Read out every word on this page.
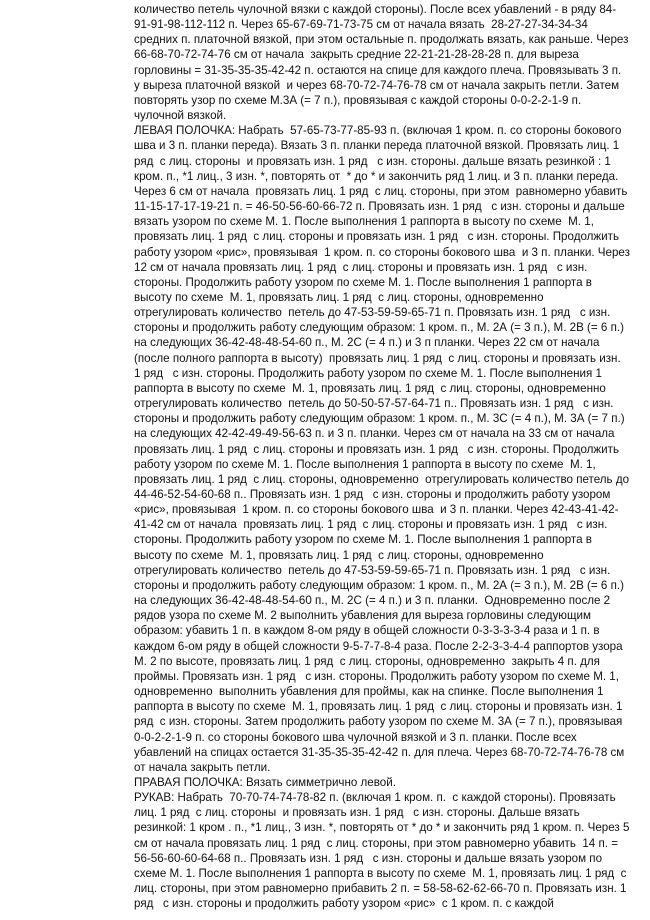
количество петель чулочной вязки с каждой стороны). После всех убавлений - в ряду 84-91-91-98-112-112 п. Через 65-67-69-71-73-75 см от начала вязать  28-27-27-34-34-34 средних п. платочной вязкой, при этом остальные п. продолжать вязать, как раньше. Через 66-68-70-72-74-76 см от начала  закрыть средние 22-21-21-28-28-28 п. для выреза горловины = 31-35-35-35-42-42 п. остаются на спице для каждого плеча. Провязывать 3 п. у выреза платочной вязкой  и через 68-70-72-74-76-78 см от начала закрыть петли. Затем повторять узор по схеме М.3А (= 7 п.), провязывая с каждой стороны 0-0-2-2-1-9 п. чулочной вязкой.

ЛЕВАЯ ПОЛОЧКА: Набрать  57-65-73-77-85-93 п. (включая 1 кром. п. со стороны бокового шва и 3 п. планки переда). Вязать 3 п. планки переда платочной вязкой. Провязать лиц. 1 ряд  с лиц. стороны  и провязать изн. 1 ряд   с изн. стороны. дальше вязать резинкой : 1 кром. п., *1 лиц., 3 изн. *, повторять от  * до * и закончить ряд 1 лиц. и 3 п. планки переда. Через 6 см от начала  провязать лиц. 1 ряд  с лиц. стороны, при этом  равномерно убавить  11-15-17-17-19-21 п. = 46-50-56-60-66-72 п. Провязать изн. 1 ряд   с изн. стороны и дальше вязать узором по схеме М. 1. После выполнения 1 раппорта в высоту по схеме  М. 1, провязать лиц. 1 ряд  с лиц. стороны и провязать изн. 1 ряд   с изн. стороны. Продолжить работу узором «рис», провязывая  1 кром. п. со стороны бокового шва  и 3 п. планки. Через 12 см от начала провязать лиц. 1 ряд  с лиц. стороны и провязать изн. 1 ряд   с изн. стороны. Продолжить работу узором по схеме М. 1. После выполнения 1 раппорта в высоту по схеме  М. 1, провязать лиц. 1 ряд  с лиц. стороны, одновременно  отрегулировать количество  петель до 47-53-59-59-65-71 п. Провязать изн. 1 ряд   с изн. стороны и продолжить работу следующим образом: 1 кром. п., М. 2А (= 3 п.), М. 2В (= 6 п.)  на следующих 36-42-48-48-54-60 п., М. 2С (= 4 п.) и 3 п планки. Через 22 см от начала  (после полного раппорта в высоту)  провязать лиц. 1 ряд  с лиц. стороны и провязать изн. 1 ряд   с изн. стороны. Продолжить работу узором по схеме М. 1. После выполнения 1 раппорта в высоту по схеме  М. 1, провязать лиц. 1 ряд  с лиц. стороны, одновременно  отрегулировать количество  петель до 50-50-57-57-64-71 п.. Провязать изн. 1 ряд   с изн. стороны и продолжить работу следующим образом: 1 кром. п., М. 3С (= 4 п.), М. 3А (= 7 п.)  на следующих 42-42-49-49-56-63 п. и 3 п. планки. Через см от начала на 33 см от начала  провязать лиц. 1 ряд  с лиц. стороны и провязать изн. 1 ряд   с изн. стороны. Продолжить работу узором по схеме М. 1. После выполнения 1 раппорта в высоту по схеме  М. 1, провязать лиц. 1 ряд  с лиц. стороны, одновременно  отрегулировать количество петель до 44-46-52-54-60-68 п.. Провязать изн. 1 ряд   с изн. стороны и продолжить работу узором «рис», провязывая  1 кром. п. со стороны бокового шва  и 3 п. планки. Через 42-43-41-42-41-42 см от начала  провязать лиц. 1 ряд  с лиц. стороны и провязать изн. 1 ряд   с изн. стороны. Продолжить работу узором по схеме М. 1. После выполнения 1 раппорта в высоту по схеме  М. 1, провязать лиц. 1 ряд  с лиц. стороны, одновременно  отрегулировать количество  петель до 47-53-59-59-65-71 п. Провязать изн. 1 ряд   с изн. стороны и продолжить работу следующим образом: 1 кром. п., М. 2А (= 3 п.), М. 2В (= 6 п.)  на следующих 36-42-48-48-54-60 п., М. 2С (= 4 п.) и 3 п. планки.  Одновременно после 2 рядов узора по схеме М. 2 выполнить убавления для выреза горловины следующим образом: убавить 1 п. в каждом 8-ом ряду в общей сложности 0-3-3-3-3-4 раза и 1 п. в каждом 6-ом ряду в общей сложности 9-5-7-7-8-4 раза. После 2-2-3-3-4-4 раппортов узора М. 2 по высоте, провязать лиц. 1 ряд  с лиц. стороны, одновременно  закрыть 4 п. для проймы. Провязать изн. 1 ряд   с изн. стороны. Продолжить работу узором по схеме М. 1, одновременно  выполнить убавления для проймы, как на спинке. После выполнения 1 раппорта в высоту по схеме  М. 1, провязать лиц. 1 ряд  с лиц. стороны и провязать изн. 1 ряд  с изн. стороны. Затем продолжить работу узором по схеме М. 3А (= 7 п.), провязывая 0-0-2-2-1-9 п. со стороны бокового шва чулочной вязкой и 3 п. планки. После всех убавлений на спицах остается 31-35-35-35-42-42 п. для плеча. Через 68-70-72-74-76-78 см от начала закрыть петли.

ПРАВАЯ ПОЛОЧКА: Вязать симметрично левой.

РУКАВ: Набрать  70-70-74-74-78-82 п. (включая 1 кром. п.  с каждой стороны). Провязать лиц. 1 ряд  с лиц. стороны  и провязать изн. 1 ряд   с изн. стороны. Дальше вязать резинкой: 1 кром . п., *1 лиц., 3 изн. *, повторять от * до * и закончить ряд 1 кром. п. Через 5 см от начала провязать лиц. 1 ряд  с лиц. стороны, при этом равномерно убавить  14 п. = 56-56-60-60-64-68 п.. Провязать изн. 1 ряд   с изн. стороны и дальше вязать узором по схеме М. 1. После выполнения 1 раппорта в высоту по схеме  М. 1, провязать лиц. 1 ряд  с лиц. стороны, при этом равномерно прибавить 2 п. = 58-58-62-62-66-70 п. Провязать изн. 1 ряд   с изн. стороны и продолжить работу узором «рис»  с 1 кром. п. с каждой
